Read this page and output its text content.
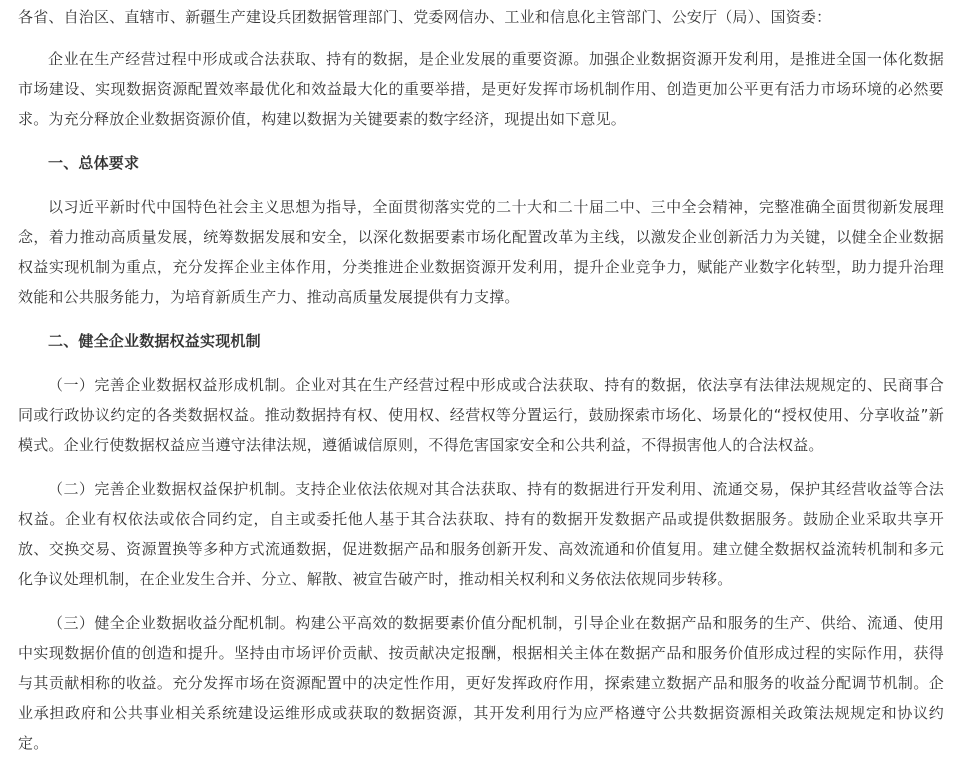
各省、自治区、直辖市、新疆生产建设兵团数据管理部门、党委网信办、工业和信息化主管部门、公安厅（局）、国资委：

企业在生产经营过程中形成或合法获取、持有的数据，是企业发展的重要资源。加强企业数据资源开发利用，是推进全国一体化数据市场建设、实现数据资源配置效率最优化和效益最大化的重要举措，是更好发挥市场机制作用、创造更加公平更有活力市场环境的必然要求。为充分释放企业数据资源价值，构建以数据为关键要素的数字经济，现提出如下意见。

一、总体要求

以习近平新时代中国特色社会主义思想为指导，全面贯彻落实党的二十大和二十届二中、三中全会精神，完整准确全面贯彻新发展理念，着力推动高质量发展，统筹数据发展和安全，以深化数据要素市场化配置改革为主线，以激发企业创新活力为关键，以健全企业数据权益实现机制为重点，充分发挥企业主体作用，分类推进企业数据资源开发利用，提升企业竞争力，赋能产业数字化转型，助力提升治理效能和公共服务能力，为培育新质生产力、推动高质量发展提供有力支撑。

二、健全企业数据权益实现机制

（一）完善企业数据权益形成机制。企业对其在生产经营过程中形成或合法获取、持有的数据，依法享有法律法规规定的、民商事合同或行政协议约定的各类数据权益。推动数据持有权、使用权、经营权等分置运行，鼓励探索市场化、场景化的“授权使用、分享收益”新模式。企业行使数据权益应当遵守法律法规，遵循诚信原则，不得危害国家安全和公共利益，不得损害他人的合法权益。

（二）完善企业数据权益保护机制。支持企业依法依规对其合法获取、持有的数据进行开发利用、流通交易，保护其经营收益等合法权益。企业有权依法或依合同约定，自主或委托他人基于其合法获取、持有的数据开发数据产品或提供数据服务。鼓励企业采取共享开放、交换交易、资源置换等多种方式流通数据，促进数据产品和服务创新开发、高效流通和价值复用。建立健全数据权益流转机制和多元化争议处理机制，在企业发生合并、分立、解散、被宣告破产时，推动相关权利和义务依法依规同步转移。

（三）健全企业数据收益分配机制。构建公平高效的数据要素价值分配机制，引导企业在数据产品和服务的生产、供给、流通、使用中实现数据价值的创造和提升。坚持由市场评价贡献、按贡献决定报酬，根据相关主体在数据产品和服务价值形成过程的实际作用，获得与其贡献相称的收益。充分发挥市场在资源配置中的决定性作用，更好发挥政府作用，探索建立数据产品和服务的收益分配调节机制。企业承担政府和公共事业相关系统建设运维形成或获取的数据资源，其开发利用行为应严格遵守公共数据资源相关政策法规规定和协议约定。
